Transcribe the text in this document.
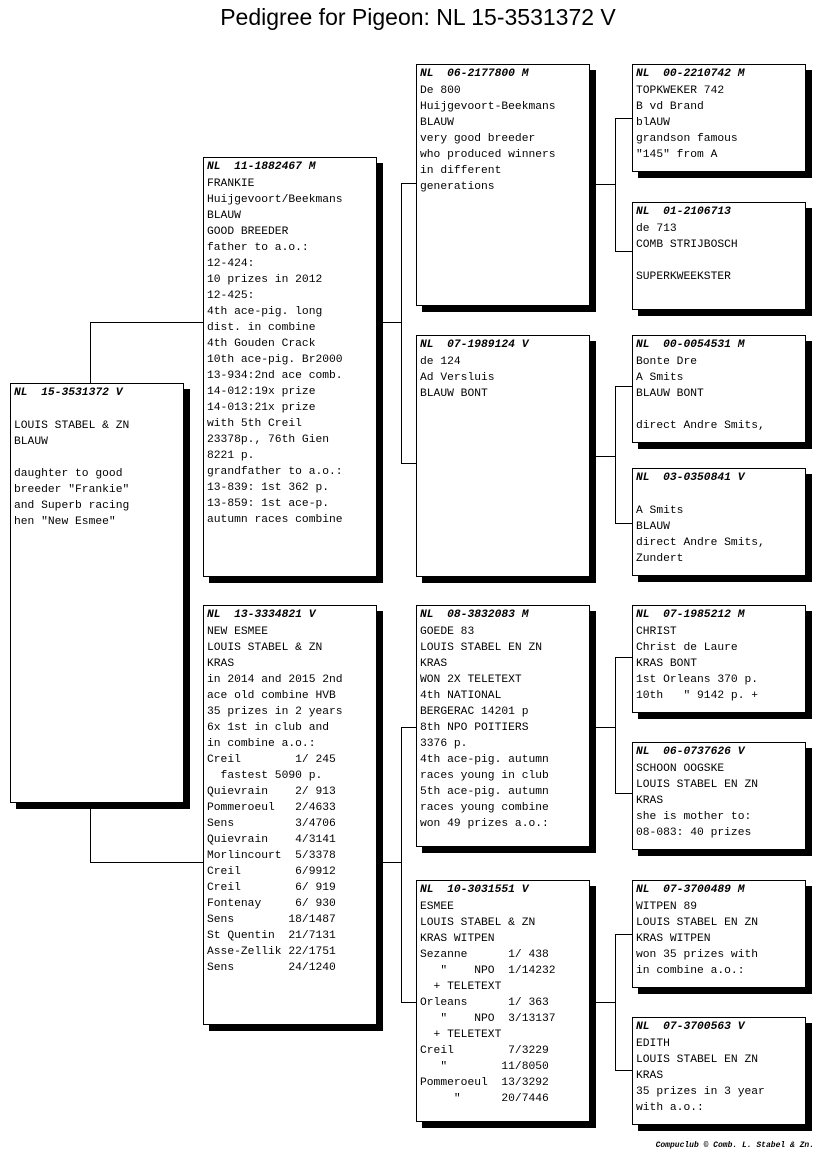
Pedigree for Pigeon: NL 15-3531372 V
NL  15-3531372 V
LOUIS STABEL & ZN
BLAUW
daughter to good
breeder "Frankie"
and Superb racing
hen "New Esmee"
NL  11-1882467 M
FRANKIE
Huijgevoort/Beekmans
BLAUW
GOOD BREEDER
father to a.o.:
12-424:
10 prizes in 2012
12-425:
4th ace-pig. long
dist. in combine
4th Gouden Crack
10th ace-pig. Br2000
13-934:2nd ace comb.
14-012:19x prize
14-013:21x prize
with 5th Creil
23378p., 76th Gien
8221 p.
grandfather to a.o.:
13-839: 1st 362 p.
13-859: 1st ace-p.
autumn races combine
NL  13-3334821 V
NEW ESMEE
LOUIS STABEL & ZN
KRAS
in 2014 and 2015 2nd
ace old combine HVB
35 prizes in 2 years
6x 1st in club and
in combine a.o.:
Creil        1/ 245
fastest 5090 p.
Quievrain    2/ 913
Pommeroeul   2/4633
Sens         3/4706
Quievrain    4/3141
Morlincourt  5/3378
Creil        6/9912
Creil        6/ 919
Fontenay     6/ 930
Sens        18/1487
St Quentin  21/7131
Asse-Zellik 22/1751
Sens        24/1240
NL  06-2177800 M
De 800
Huijgevoort-Beekmans
BLAUW
very good breeder
who produced winners
in different
generations
NL  07-1989124 V
de 124
Ad Versluis
BLAUW BONT
NL  08-3832083 M
GOEDE 83
LOUIS STABEL EN ZN
KRAS
WON 2X TELETEXT
4th NATIONAL
BERGERAC 14201 p
8th NPO POITIERS
3376 p.
4th ace-pig. autumn
races young in club
5th ace-pig. autumn
races young combine
won 49 prizes a.o.:
NL  10-3031551 V
ESMEE
LOUIS STABEL & ZN
KRAS WITPEN
Sezanne      1/ 438
"    NPO  1/14232
+ TELETEXT
Orleans      1/ 363
"    NPO  3/13137
+ TELETEXT
Creil        7/3229
"        11/8050
Pommeroeul  13/3292
"      20/7446
NL  00-2210742 M
TOPKWEKER 742
B vd Brand
blAUW
grandson famous
"145" from A
NL  01-2106713
de 713
COMB STRIJBOSCH
SUPERKWEEKSTER
NL  00-0054531 M
Bonte Dre
A Smits
BLAUW BONT
direct Andre Smits,
NL  03-0350841 V
A Smits
BLAUW
direct Andre Smits,
Zundert
NL  07-1985212 M
CHRIST
Christ de Laure
KRAS BONT
1st Orleans 370 p.
10th   " 9142 p. +
NL  06-0737626 V
SCHOON OOGSKE
LOUIS STABEL EN ZN
KRAS
she is mother to:
08-083: 40 prizes
NL  07-3700489 M
WITPEN 89
LOUIS STABEL EN ZN
KRAS WITPEN
won 35 prizes with
in combine a.o.:
NL  07-3700563 V
EDITH
LOUIS STABEL EN ZN
KRAS
35 prizes in 3 year
with a.o.:
Compuclub © Comb. L. Stabel & Zn.
